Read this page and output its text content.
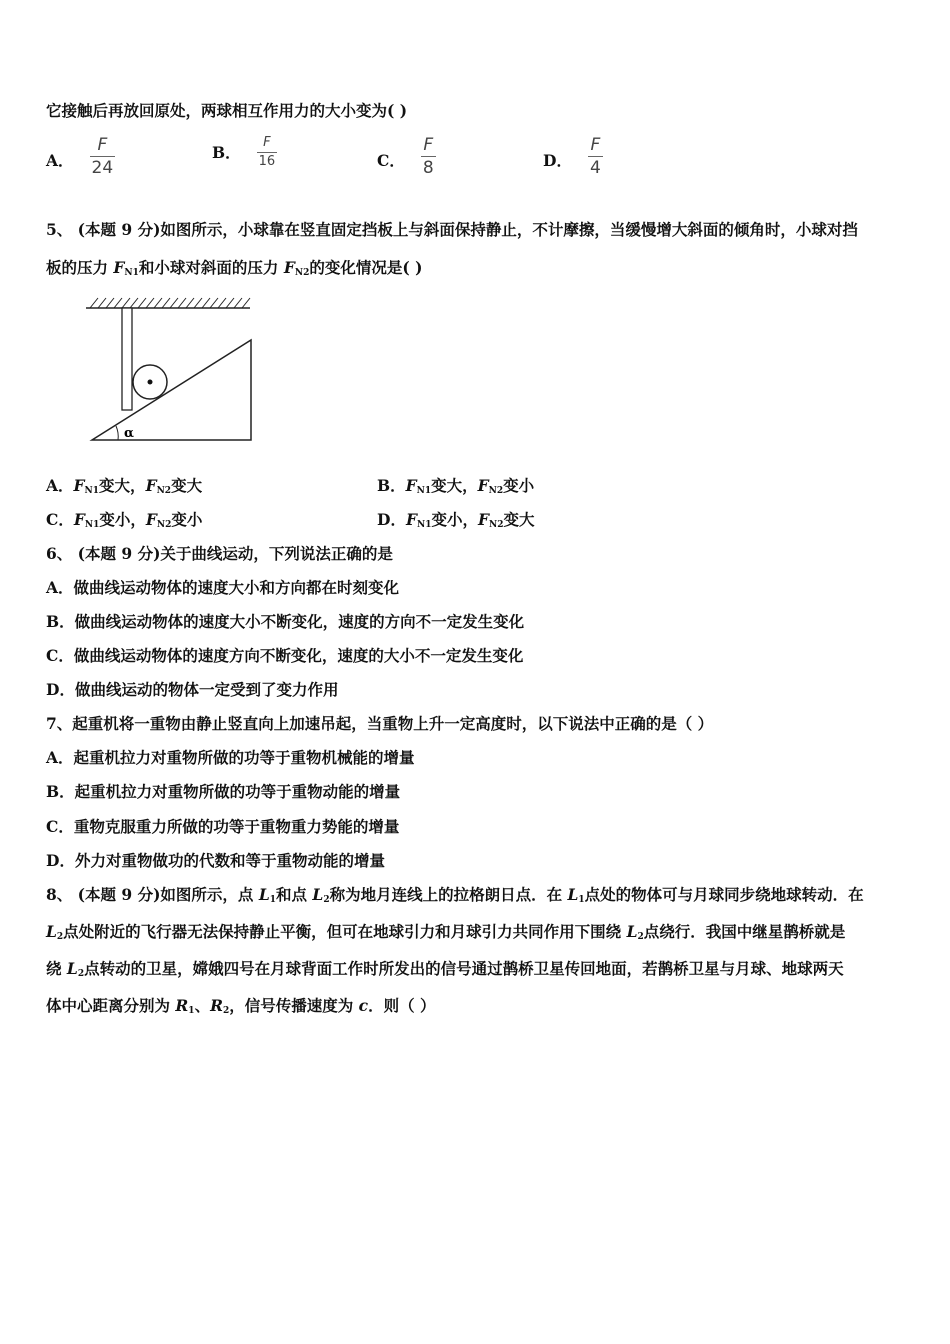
它接触后再放回原处，两球相互作用力的大小变为( )
A． $\frac{F}{24}$	B． $\frac{F}{16}$	C． $\frac{F}{8}$	D． $\frac{F}{4}$
5、 (本题 9 分)如图所示，小球靠在竖直固定挡板上与斜面保持静止，不计摩擦，当缓慢增大斜面的倾角时，小球对挡
板的压力 $F_{N1}$和小球对斜面的压力 $F_{N2}$的变化情况是( )
α
A．$F_{N1}$变大，$F_{N2}$变大	B．$F_{N1}$变大，$F_{N2}$变小
C．$F_{N1}$变小，$F_{N2}$变小	D．$F_{N1}$变小，$F_{N2}$变大
6、 (本题 9 分)关于曲线运动，下列说法正确的是
A．做曲线运动物体的速度大小和方向都在时刻变化
B．做曲线运动物体的速度大小不断变化，速度的方向不一定发生变化
C．做曲线运动物体的速度方向不断变化，速度的大小不一定发生变化
D．做曲线运动的物体一定受到了变力作用
7、起重机将一重物由静止竖直向上加速吊起，当重物上升一定高度时，以下说法中正确的是（ ）
A．起重机拉力对重物所做的功等于重物机械能的增量
B．起重机拉力对重物所做的功等于重物动能的增量
C．重物克服重力所做的功等于重物重力势能的增量
D．外力对重物做功的代数和等于重物动能的增量
8、 (本题 9 分)如图所示，点 $L_1$和点 $L_2$称为地月连线上的拉格朗日点．在 $L_1$点处的物体可与月球同步绕地球转动．在
$L_2$点处附近的飞行器无法保持静止平衡，但可在地球引力和月球引力共同作用下围绕 $L_2$点绕行．我国中继星鹊桥就是
绕 $L_2$点转动的卫星，嫦娥四号在月球背面工作时所发出的信号通过鹊桥卫星传回地面，若鹊桥卫星与月球、地球两天
体中心距离分别为 $R_1$、$R_2$，信号传播速度为 c．则（ ）
